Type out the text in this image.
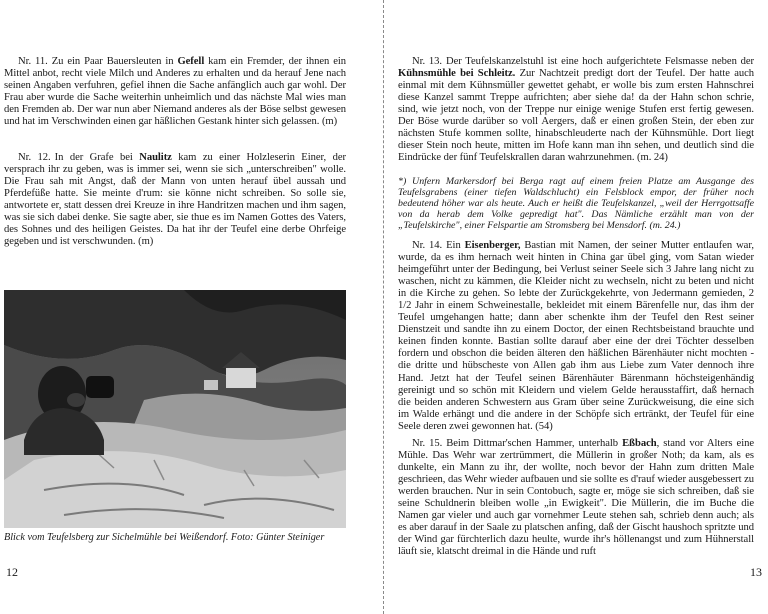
Nr. 11. Zu ein Paar Bauersleuten in Gefell kam ein Fremder, der ihnen ein Mittel anbot, recht viele Milch und Anderes zu erhalten und da herauf Jene nach seinen Angaben verfuhren, gefiel ihnen die Sache anfänglich auch gar wohl. Der Frau aber wurde die Sache weiterhin unheimlich und das nächste Mal wies man den Fremden ab. Der war nun aber Niemand anderes als der Böse selbst gewesen und hat im Verschwinden einen gar häßlichen Gestank hinter sich gelassen. (m)

Nr. 12. In der Grafe bei Naulitz kam zu einer Holzleserin Einer, der versprach ihr zu geben, was is immer sei, wenn sie sich „unterschreiben" wolle. Die Frau sah mit Angst, daß der Mann von unten herauf übel aussah und Pferdefüße hatte. Sie meinte d'rum: sie könne nicht schreiben. So solle sie, antwortete er, statt dessen drei Kreuze in ihre Handritzen machen und ihm sagen, was sie sich dabei denke. Sie sagte aber, sie thue es im Namen Gottes des Vaters, des Sohnes und des heiligen Geistes. Da hat ihr der Teufel eine derbe Ohrfeige gegeben und ist verschwunden. (m)

Blick vom Teufelsberg zur Sichelmühle bei Weißendorf. Foto: Günter Steiniger
12

Nr. 13. Der Teufelskanzelstuhl ist eine hoch aufgerichtete Felsmasse neben der Kühnsmühle bei Schleitz. Zur Nachtzeit predigt dort der Teufel. Der hatte auch einmal mit dem Kühnsmüller gewettet gehabt, er wolle bis zum ersten Hahnschrei diese Kanzel sammt Treppe aufrichten; aber siehe da! da der Hahn schon schrie, sind, wie jetzt noch, von der Treppe nur einige wenige Stufen erst fertig gewesen. Der Böse wurde darüber so voll Aergers, daß er einen großen Stein, der eben zur nächsten Stufe kommen sollte, hinabschleuderte nach der Kühnsmühle. Dort liegt dieser Stein noch heute, mitten im Hofe kann man ihn sehen, und deutlich sind die Eindrücke der fünf Teufelskrallen daran wahrzunehmen. (m. 24)

*) Unfern Markersdorf bei Berga ragt auf einem freien Platze am Ausgange des Teufelsgrabens (einer tiefen Waldschlucht) ein Felsblock empor, der früher noch bedeutend höher war als heute. Auch er heißt die Teufelskanzel, „weil der Herrgottsaffe von da herab dem Volke gepredigt hat". Das Nämliche erzählt man von der „Teufelskirche", einer Felspartie am Stromsberg bei Mensdorf. (m. 24.)

Nr. 14. Ein Eisenberger, Bastian mit Namen, der seiner Mutter entlaufen war, wurde, da es ihm hernach weit hinten in China gar übel ging, vom Satan wieder heimgeführt unter der Bedingung, bei Verlust seiner Seele sich 3 Jahre lang nicht zu waschen, nicht zu kämmen, die Kleider nicht zu wechseln, nicht zu beten und nicht in die Kirche zu gehen. So lebte der Zurückgekehrte, von Jedermann gemieden, 2 1/2 Jahr in einem Schweinestalle, bekleidet mit einem Bärenfelle nur, das ihm der Teufel umgehangen hatte; dann aber schenkte ihm der Teufel den Rest seiner Dienstzeit und sandte ihn zu einem Doctor, der einen Rechtsbeistand brauchte und keinen finden konnte. Bastian sollte darauf aber eine der drei Töchter desselben fordern und obschon die beiden älteren den häßlichen Bärenhäuter nicht mochten - die dritte und hübscheste von Allen gab ihm aus Liebe zum Vater dennoch ihre Hand. Jetzt hat der Teufel seinen Bärenhäuter Bärenmann höchsteigenhändig gereinigt und so schön mit Kleidern und vielem Gelde herausstaffirt, daß hernach die beiden anderen Schwestern aus Gram über seine Zurückweisung, die eine sich im Walde erhängt und die andere in der Schöpfe sich ertränkt, der Teufel für eine Seele deren zwei gewonnen hat. (54)

Nr. 15. Beim Dittmar'schen Hammer, unterhalb Eßbach, stand vor Alters eine Mühle. Das Wehr war zertrümmert, die Müllerin in großer Noth; da kam, als es dunkelte, ein Mann zu ihr, der wollte, noch bevor der Hahn zum dritten Male geschrieen, das Wehr wieder aufbauen und sie sollte es d'rauf wieder ausgebessert zu werden brauchen. Nur in sein Contobuch, sagte er, möge sie sich schreiben, daß sie seine Schuldnerin bleiben wolle „in Ewigkeit". Die Müllerin, die im Buche die Namen gar vieler und auch gar vornehmer Leute stehen sah, schrieb denn auch; als es aber darauf in der Saale zu platschen anfing, daß der Gischt haushoch spritzte und der Wind gar fürchterlich dazu heulte, wurde ihr's höllenangst und zum Hühnerstall läuft sie, klatscht dreimal in die Hände und ruft

13
